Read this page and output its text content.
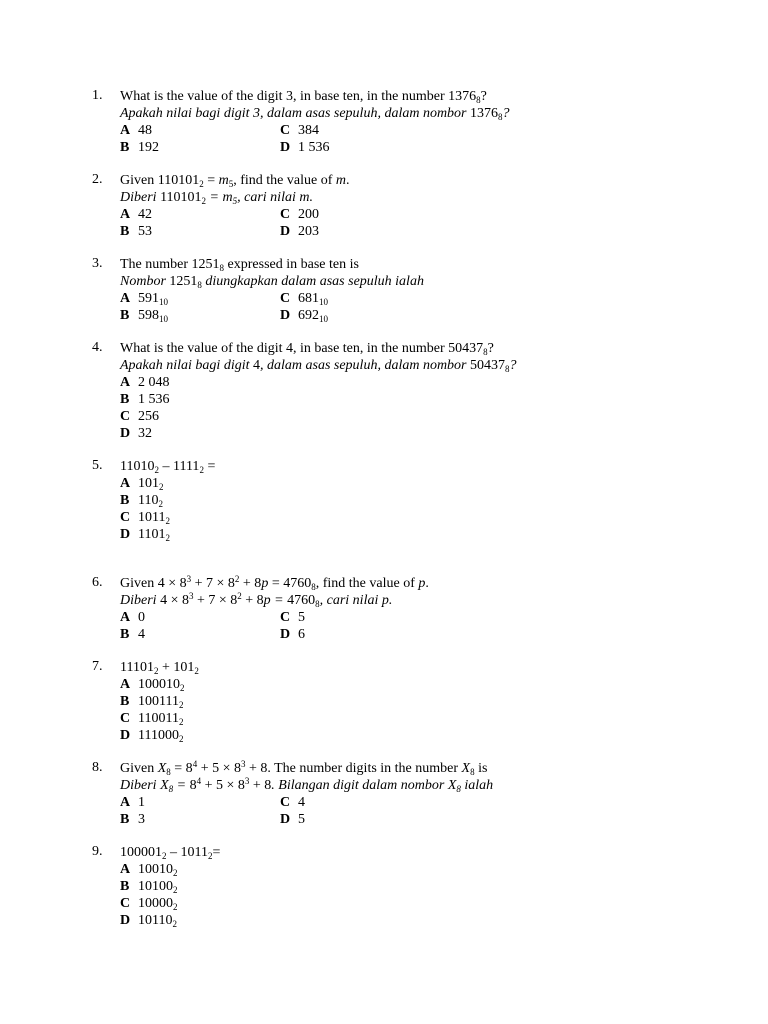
1.	What is the value of the digit 3, in base ten, in the number $1376_8$?
Apakah nilai bagi digit 3, dalam asas sepuluh, dalam nombor $1376_8$?
A 48	C 384
B 192	D 1 536
2.	Given $110101_2 = m_5$, find the value of m.
Diberi $110101_2 = m_5$, cari nilai m.
A 42	C 200
B 53	D 203
3.	The number $1251_8$ expressed in base ten is
Nombor $1251_8$ diungkapkan dalam asas sepuluh ialah
A $591_{10}$	C $681_{10}$
B $598_{10}$	D $692_{10}$
4.	What is the value of the digit 4, in base ten, in the number $50437_8$?
Apakah nilai bagi digit 4, dalam asas sepuluh, dalam nombor $50437_8$?
A 2 048
B 1 536
C 256
D 32
5.	$11010_2 - 1111_2$ =
A $101_2$
B $110_2$
C $1011_2$
D $1101_2$
6.	Given $4 \times 8^3 + 7 \times 8^2 + 8p = 4760_8$, find the value of p.
Diberi $4 \times 8^3 + 7 \times 8^2 + 8p = 4760_8$, cari nilai p.
A 0	C 5
B 4	D 6
7.	$11101_2 + 101_2$
A $100010_2$
B $100111_2$
C $110011_2$
D $111000_2$
8.	Given $X_8 = 8^4 + 5 \times 8^3 + 8$. The number digits in the number $X_8$ is
Diberi $X_8 = 8^4 + 5 \times 8^3 + 8$. Bilangan digit dalam nombor $X_8$ ialah
A 1	C 4
B 3	D 5
9.	$100001_2 - 1011_2=$
A $10010_2$
B $10100_2$
C $10000_2$
D $10110_2$
